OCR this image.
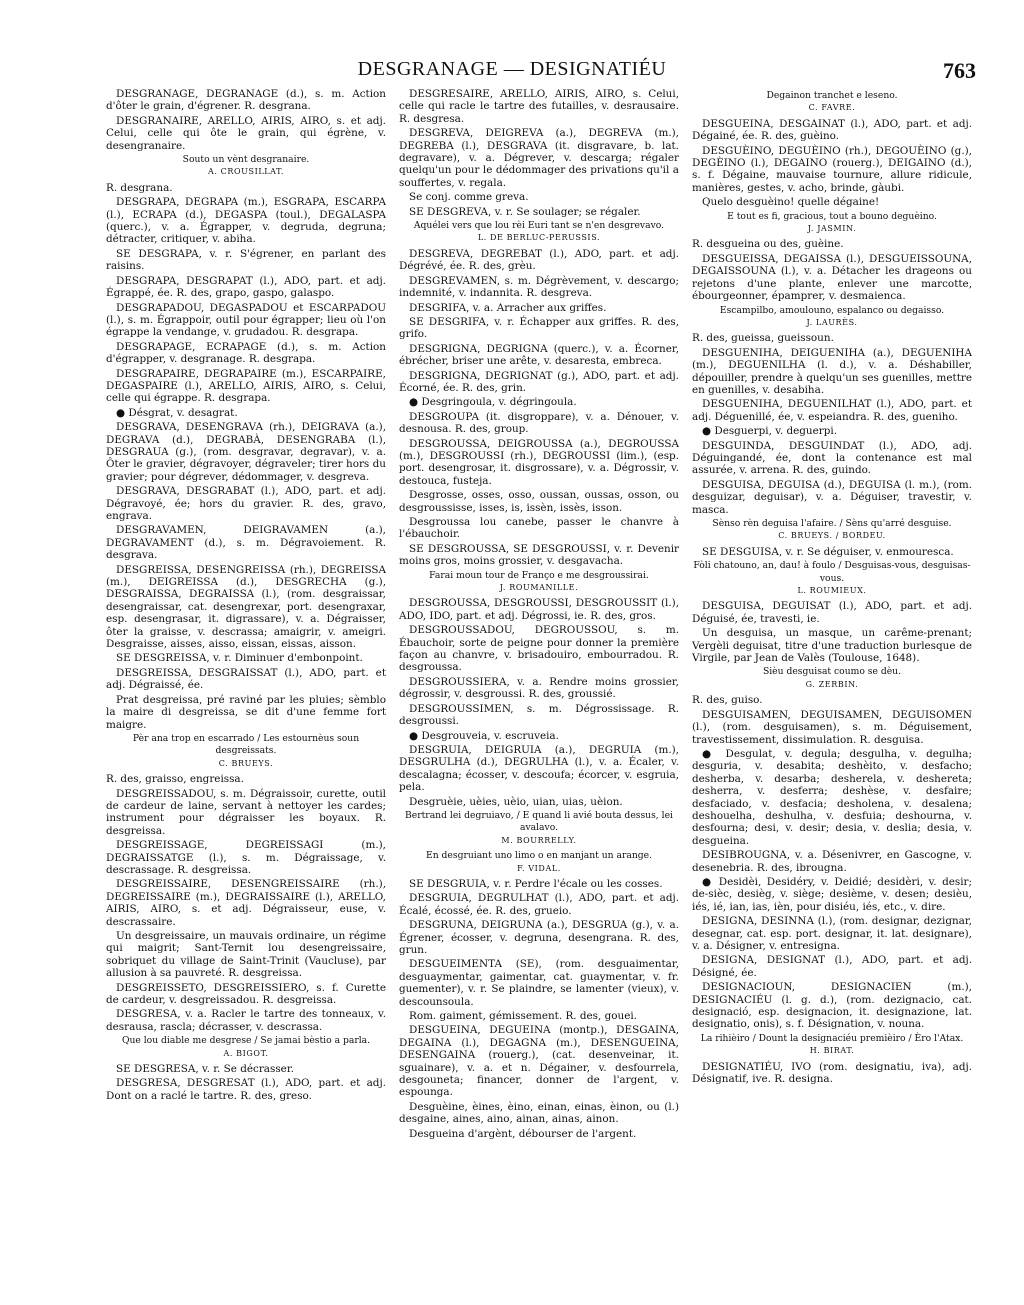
DESGRANAGE — DESIGNATIÉU	763

DESGRANAGE, DEGRANAGE (d.), s. m. Action d'ôter le grain, d'égrener. R. desgrana.

DESGRANAIRE, ARELLO, AIRIS, AIRO, s. et adj. Celui, celle qui ôte le grain, qui égrène, v. desengranaire.

Souto un vènt desgranaire.

A. CROUSILLAT.

R. desgrana.

DESGRAPA, DEGRAPA (m.), ESGRAPA, ESCARPA (l.), ECRAPA (d.), DEGASPA (toul.), DEGALASPA (querc.), v. a. Égrapper, v. degruda, degruna; détracter, critiquer, v. abiha.

SE DESGRAPA, v. r. S'égrener, en parlant des raisins.

DESGRAPA, DESGRAPAT (l.), ADO, part. et adj. Égrappé, ée. R. des, grapo, gaspo, galaspo.

DESGRAPADOU, DEGASPADOU et ESCARPADOU (l.), s. m. Égrappoir, outil pour égrapper; lieu où l'on égrappe la vendange, v. grudadou. R. desgrapa.

DESGRAPAGE, ECRAPAGE (d.), s. m. Action d'égrapper, v. desgranage. R. desgrapa.

DESGRAPAIRE, DEGRAPAIRE (m.), ESCARPAIRE, DEGASPAIRE (l.), ARELLO, AIRIS, AIRO, s. Celui, celle qui égrappe. R. desgrapa.

● Désgrat, v. desagrat.

DESGRAVA, DESENGRAVA (rh.), DEIGRAVA (a.), DEGRAVA (d.), DEGRABÀ, DESENGRABA (l.), DESGRAUA (g.), (rom. desgravar, degravar), v. a. Ôter le gravier, dégravoyer, dégraveler; tirer hors du gravier; pour dégrever, dédommager, v. desgreva.

DESGRAVA, DESGRABAT (l.), ADO, part. et adj. Dégravoyé, ée; hors du gravier. R. des, gravo, engrava.

DESGRAVAMEN, DEIGRAVAMEN (a.), DEGRAVAMENT (d.), s. m. Dégravoiement. R. desgrava.

DESGREISSA, DESENGREISSA (rh.), DEGREISSA (m.), DEIGREISSA (d.), DESGRECHA (g.), DESGRAISSA, DEGRAISSA (l.), (rom. desgraissar, desengraissar, cat. desengrexar, port. desengraxar, esp. desengrasar, it. digrassare), v. a. Dégraisser, ôter la graisse, v. descrassa; amaigrir, v. ameigri. Desgraisse, aisses, aisso, eissan, eissas, aisson.

SE DESGREISSA, v. r. Diminuer d'embonpoint.

DESGREISSA, DESGRAISSAT (l.), ADO, part. et adj. Dégraissé, ée.

Prat desgreissa, pré raviné par les pluies; sèmblo la maire di desgreissa, se dit d'une femme fort maigre.

Pèr ana trop en escarrado / Les estournèus soun desgreissats.

C. BRUEYS.

R. des, graisso, engreissa.

DESGREISSADOU, s. m. Dégraissoir, curette, outil de cardeur de laine, servant à nettoyer les cardes; instrument pour dégraisser les boyaux. R. desgreissa.

DESGREISSAGE, DEGREISSAGI (m.), DEGRAISSATGE (l.), s. m. Dégraissage, v. descrassage. R. desgreissa.

DESGREISSAIRE, DESENGREISSAIRE (rh.), DEGREISSAIRE (m.), DEGRAISSAIRE (l.), ARELLO, AIRIS, AIRO, s. et adj. Dégraisseur, euse, v. descrassaire.

Un desgreissaire, un mauvais ordinaire, un régime qui maigrit; Sant-Ternit lou desengreissaire, sobriquet du village de Saint-Trinit (Vaucluse), par allusion à sa pauvreté. R. desgreissa.

DESGREISSETO, DESGREISSIERO, s. f. Curette de cardeur, v. desgreissadou. R. desgreissa.

DESGRESA, v. a. Racler le tartre des tonneaux, v. desrausa, rascla; décrasser, v. descrassa.

Que lou diable me desgrese / Se jamai bèstio a parla.

A. BIGOT.

SE DESGRESA, v. r. Se décrasser.

DESGRESA, DESGRESAT (l.), ADO, part. et adj. Dont on a raclé le tartre. R. des, greso.

DESGRESAIRE, ARELLO, AIRIS, AIRO, s. Celui, celle qui racle le tartre des futailles, v. desrausaire. R. desgresa.

DESGREVA, DEIGREVA (a.), DEGREVA (m.), DEGREBA (l.), DESGRAVA (it. disgravare, b. lat. degravare), v. a. Dégrever, v. descarga; régaler quelqu'un pour le dédommager des privations qu'il a souffertes, v. regala.

Se conj. comme greva.

SE DESGREVA, v. r. Se soulager; se régaler.

Aquélei vers que lou rèi Euri tant se n'en desgrevavo.

L. DE BERLUC-PERUSSIS.

DESGREVA, DEGREBAT (l.), ADO, part. et adj. Dégrévé, ée. R. des, grèu.

DESGREVAMEN, s. m. Dégrèvement, v. descargo; indemnité, v. indannita. R. desgreva.

DESGRIFA, v. a. Arracher aux griffes.

SE DESGRIFA, v. r. Échapper aux griffes. R. des, grifo.

DESGRIGNA, DEGRIGNA (querc.), v. a. Écorner, ébrécher, briser une arête, v. desaresta, embreca.

DESGRIGNA, DEGRIGNAT (g.), ADO, part. et adj. Écorné, ée. R. des, grin.

● Desgringoula, v. dégringoula.

DESGROUPA (it. disgroppare), v. a. Dénouer, v. desnousa. R. des, group.

DESGROUSSA, DEIGROUSSA (a.), DEGROUSSA (m.), DESGROUSSI (rh.), DEGROUSSI (lim.), (esp. port. desengrosar, it. disgrossare), v. a. Dégrossir, v. destouca, fusteja.

Desgrosse, osses, osso, oussan, oussas, osson, ou desgroussisse, isses, is, issèn, issès, isson.

Desgroussa lou canebe, passer le chanvre à l'ébauchoir.

SE DESGROUSSA, SE DESGROUSSI, v. r. Devenir moins gros, moins grossier, v. desgavacha.

Farai moun tour de Franço e me desgroussirai.

J. ROUMANILLE.

DESGROUSSA, DESGROUSSI, DESGROUSSIT (l.), ADO, IDO, part. et adj. Dégrossi, ie. R. des, gros.

DESGROUSSADOU, DEGROUSSOU, s. m. Ébauchoir, sorte de peigne pour donner la première façon au chanvre, v. brisadouiro, embourradou. R. desgroussa.

DESGROUSSIERA, v. a. Rendre moins grossier, dégrossir, v. desgroussi. R. des, groussié.

DESGROUSSIMEN, s. m. Dégrossissage. R. desgroussi.

● Desgrouveia, v. escruveia.

DESGRUIA, DEIGRUIA (a.), DEGRUIA (m.), DESGRULHA (d.), DEGRULHA (l.), v. a. Écaler, v. descalagna; écosser, v. descoufa; écorcer, v. esgruia, pela.

Desgruèie, uèies, uèio, uian, uias, uèion.

Bertrand lei degruiavo, / E quand li avié bouta dessus, lei avalavo.

M. BOURRELLY.

En desgruiant uno limo o en manjant un arange.

F. VIDAL.

SE DESGRUIA, v. r. Perdre l'écale ou les cosses.

DESGRUIA, DEGRULHAT (l.), ADO, part. et adj. Écalé, écossé, ée. R. des, grueio.

DESGRUNA, DEIGRUNA (a.), DESGRUA (g.), v. a. Égrener, écosser, v. degruna, desengrana. R. des, grun.

DESGUEIMENTA (SE), (rom. desguaimentar, desguaymentar, gaimentar, cat. guaymentar, v. fr. guementer), v. r. Se plaindre, se lamenter (vieux), v. descounsoula.

Rom. gaiment, gémissement. R. des, gouei.

DESGUEINA, DEGUEINA (montp.), DESGAINA, DEGAINA (l.), DEGAGNA (m.), DESENGUEINA, DESENGAINA (rouerg.), (cat. desenveinar, it. sguainare), v. a. et n. Dégainer, v. desfourrela, desgouneta; financer, donner de l'argent, v. espounga.

Desguèine, èines, èino, einan, einas, èinon, ou (l.) desgaine, aines, aino, ainan, ainas, ainon.

Desgueina d'argènt, débourser de l'argent.

Degainon tranchet e leseno.

C. FAVRE.

DESGUEINA, DESGAINAT (l.), ADO, part. et adj. Dégainé, ée. R. des, guèino.

DESGUÈINO, DEGUÈINO (rh.), DEGOUÈINO (g.), DEGÈINO (l.), DEGAINO (rouerg.), DEIGAINO (d.), s. f. Dégaine, mauvaise tournure, allure ridicule, manières, gestes, v. acho, brinde, gàubi.

Quelo desguèino! quelle dégaine!

E tout es fi, gracious, tout a bouno deguèino.

J. JASMIN.

R. desgueina ou des, guèine.

DESGUEISSA, DEGAISSA (l.), DESGUEISSOUNA, DEGAISSOUNA (l.), v. a. Détacher les drageons ou rejetons d'une plante, enlever une marcotte, ébourgeonner, épamprer, v. desmaienca.

Escampilbo, amoulouno, espalanco ou degaisso.

J. LAURÈS.

R. des, gueissa, gueissoun.

DESGUENIHA, DEIGUENIHA (a.), DEGUENIHA (m.), DEGUENILHA (l. d.), v. a. Déshabiller, dépouiller, prendre à quelqu'un ses guenilles, mettre en guenilles, v. desabiha.

DESGUENIHA, DEGUENILHAT (l.), ADO, part. et adj. Déguenillé, ée, v. espeiandra. R. des, gueniho.

● Desguerpi, v. deguerpi.

DESGUINDA, DESGUINDAT (l.), ADO, adj. Déguingandé, ée, dont la contenance est mal assurée, v. arrena. R. des, guindo.

DESGUISA, DEGUISA (d.), DEGUISA (l. m.), (rom. desguizar, deguisar), v. a. Déguiser, travestir, v. masca.

Sènso rèn deguisa l'afaire. / Sèns qu'arré desguise.

C. BRUEYS. / BORDEU.

SE DESGUISA, v. r. Se déguiser, v. enmouresca.

Fòli chatouno, an, dau! à foulo / Desguisas-vous, desguisas-vous.

L. ROUMIEUX.

DESGUISA, DEGUISAT (l.), ADO, part. et adj. Déguisé, ée, travesti, ie.

Un desguisa, un masque, un carême-prenant; Vergèli deguisat, titre d'une traduction burlesque de Virgile, par Jean de Valès (Toulouse, 1648).

Sièu desguisat coumo se dèu.

G. ZERBIN.

R. des, guiso.

DESGUISAMEN, DEGUISAMEN, DEGUISOMEN (l.), (rom. desguisamen), s. m. Déguisement, travestissement, dissimulation. R. desguisa.

● Desgulat, v. degula; desgulha, v. degulha; desguria, v. desabita; deshèito, v. desfacho; desherba, v. desarba; desherela, v. deshereta; desherra, v. desferra; deshèse, v. desfaire; desfaciado, v. desfacia; desholena, v. desalena; deshouelha, deshulha, v. desfuia; deshourna, v. desfourna; desi, v. desir; desia, v. deslia; desia, v. desgueina.

DESIBROUGNA, v. a. Désenivrer, en Gascogne, v. desenebria. R. des, ibrougna.

● Desidèi, Desidéry, v. Deidié; desidèri, v. desir; de-sièc, desièg, v. siège; desième, v. desen; desièu, iés, ié, ian, ias, ièn, pour disiéu, iés, etc., v. dire.

DESIGNA, DESINNA (l.), (rom. designar, dezignar, desegnar, cat. esp. port. designar, it. lat. designare), v. a. Désigner, v. entresigna.

DESIGNA, DESIGNAT (l.), ADO, part. et adj. Désigné, ée.

DESIGNACIOUN, DESIGNACIEN (m.), DESIGNACIÉU (l. g. d.), (rom. dezignacio, cat. designació, esp. designacion, it. designazione, lat. designatio, onis), s. f. Désignation, v. nouna.

La rihièiro / Dount la designaciéu premièiro / Èro l'Atax.

H. BIRAT.

DESIGNATIÉU, IVO (rom. designatiu, iva), adj. Désignatif, ive. R. designa.
